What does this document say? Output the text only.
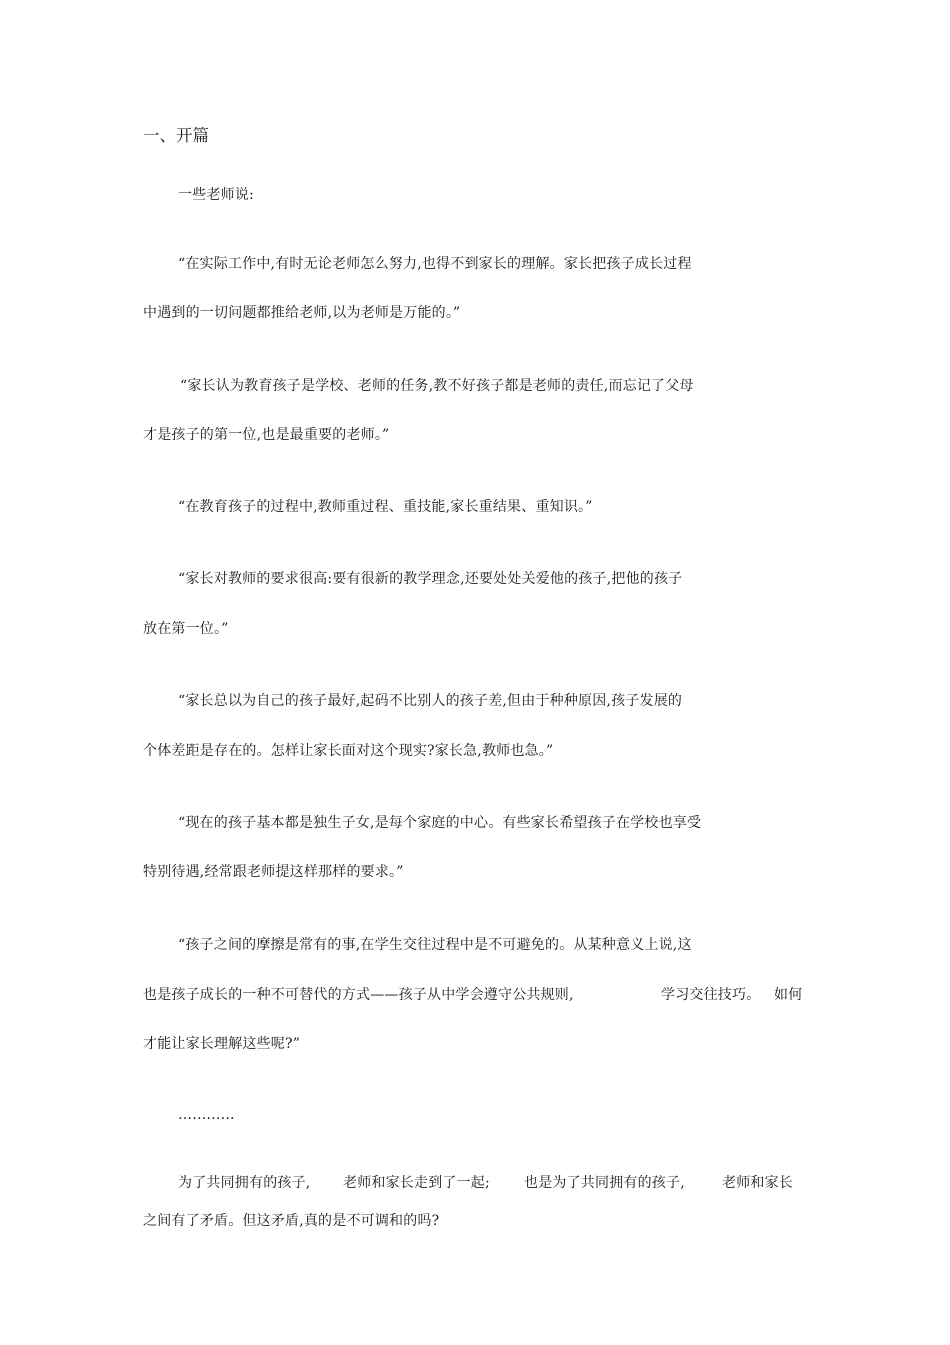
一、开篇
一些老师说:
“在实际工作中,有时无论老师怎么努力,也得不到家长的理解。家长把孩子成长过程
中遇到的一切问题都推给老师,以为老师是万能的。”
“家长认为教育孩子是学校、老师的任务,教不好孩子都是老师的责任,而忘记了父母
才是孩子的第一位,也是最重要的老师。”
“在教育孩子的过程中,教师重过程、重技能,家长重结果、重知识。”
“家长对教师的要求很高:要有很新的教学理念,还要处处关爱他的孩子,把他的孩子
放在第一位。”
“家长总以为自己的孩子最好,起码不比别人的孩子差,但由于种种原因,孩子发展的
个体差距是存在的。怎样让家长面对这个现实?家长急,教师也急。”
“现在的孩子基本都是独生子女,是每个家庭的中心。有些家长希望孩子在学校也享受
特别待遇,经常跟老师提这样那样的要求。”
“孩子之间的摩擦是常有的事,在学生交往过程中是不可避免的。从某种意义上说,这
也是孩子成长的一种不可替代的方式——孩子从中学会遵守公共规则,	学习交往技巧。 如何
才能让家长理解这些呢?”
…………
为了共同拥有的孩子, 老师和家长走到了一起; 也是为了共同拥有的孩子,	老师和家长
之间有了矛盾。但这矛盾,真的是不可调和的吗?
